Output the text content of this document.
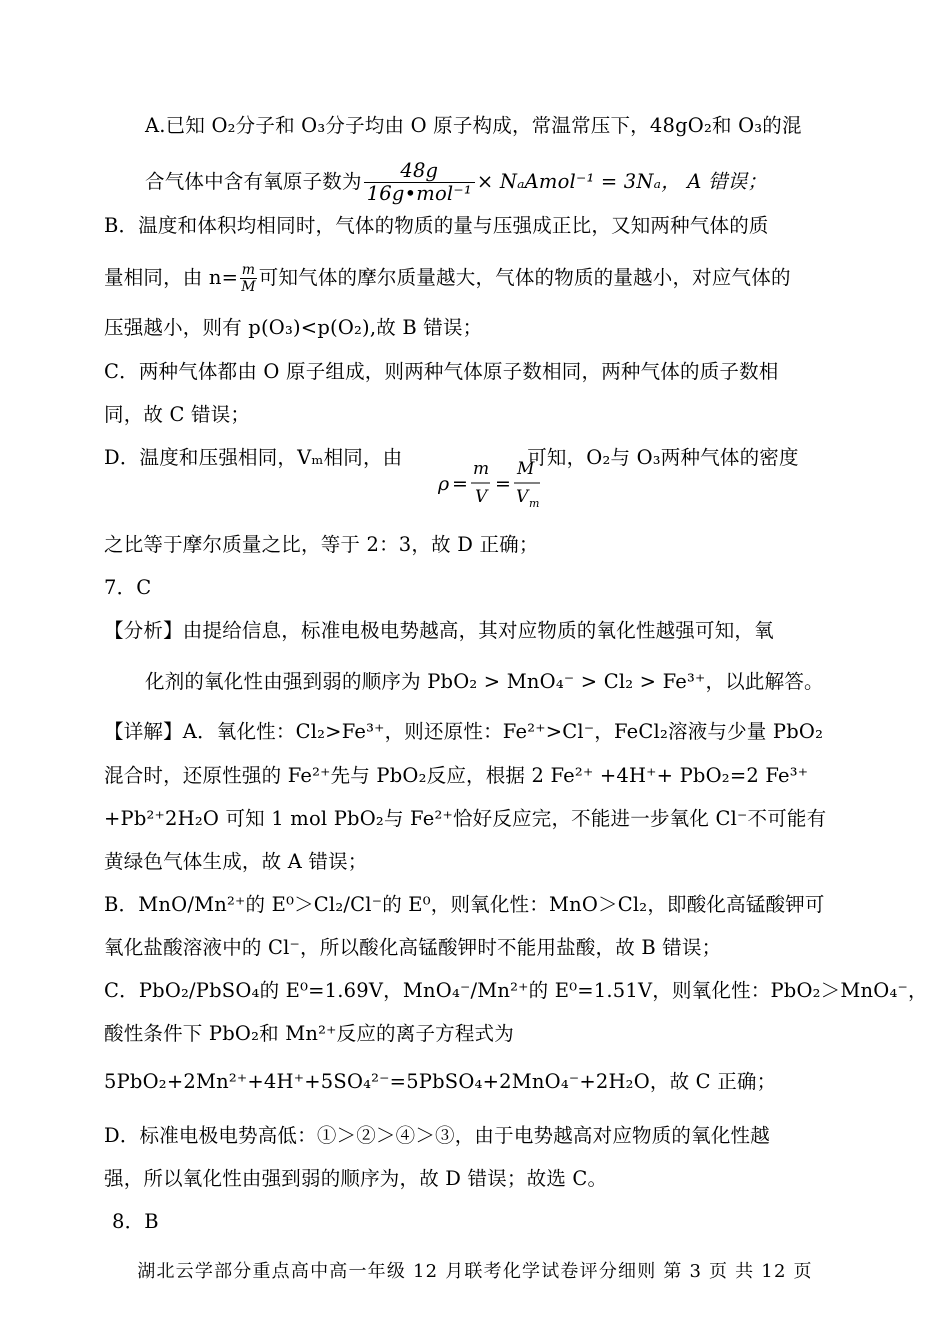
A.已知 O₂分子和 O₃分子均由 O 原子构成，常温常压下，48gO₂和 O₃的混
合气体中含有氧原子数为 $\frac{48g}{\text{16g•mol⁻¹}}$ × NₐAmol⁻¹ = 3Nₐ， A 错误；
B．温度和体积均相同时，气体的物质的量与压强成正比，又知两种气体的质
量相同，由 $n= \frac{m}{M}$ 可知气体的摩尔质量越大，气体的物质的量越小，对应气体的
压强越小，则有 p(O₃)<p(O₂),故 B 错误；
C．两种气体都由 O 原子组成，则两种气体原子数相同，两种气体的质子数相
同，故 C 错误；
D．温度和压强相同，Vₘ相同，由	可知，O₂与 O₃两种气体的密度
ρ =
m
V
=
M
V m
之比等于摩尔质量之比，等于 2：3，故 D 正确；
7．C
【分析】由提给信息，标准电极电势越高，其对应物质的氧化性越强可知，氧
化剂的氧化性由强到弱的顺序为 PbO₂ > MnO₄⁻ > Cl₂ > Fe³⁺，以此解答。
【详解】A．氧化性：Cl₂>Fe³⁺，则还原性：Fe²⁺>Cl⁻，FeCl₂溶液与少量 PbO₂
混合时，还原性强的 Fe²⁺先与 PbO₂反应，根据 2 Fe²⁺ +4H⁺+ PbO₂=2 Fe³⁺
+Pb²⁺2H₂O 可知 1 mol PbO₂与 Fe²⁺恰好反应完，不能进一步氧化 Cl⁻不可能有
黄绿色气体生成，故 A 错误；
B．MnO/Mn²⁺的 E⁰＞Cl₂/Cl⁻的 E⁰，则氧化性：MnO＞Cl₂，即酸化高锰酸钾可
氧化盐酸溶液中的 Cl⁻，所以酸化高锰酸钾时不能用盐酸，故 B 错误；
C．PbO₂/PbSO₄的 E⁰=1.69V，MnO₄⁻/Mn²⁺的 E⁰=1.51V，则氧化性：PbO₂＞MnO₄⁻，
酸性条件下 PbO₂和 Mn²⁺反应的离子方程式为
5PbO₂+2Mn²⁺+4H⁺+5SO₄²⁻=5PbSO₄+2MnO₄⁻+2H₂O，故 C 正确；
D．标准电极电势高低：①＞②＞④＞③，由于电势越高对应物质的氧化性越
强，所以氧化性由强到弱的顺序为，故 D 错误；故选 C。
8．B
湖北云学部分重点高中高一年级 12 月联考化学试卷评分细则 第 3 页 共 12 页
